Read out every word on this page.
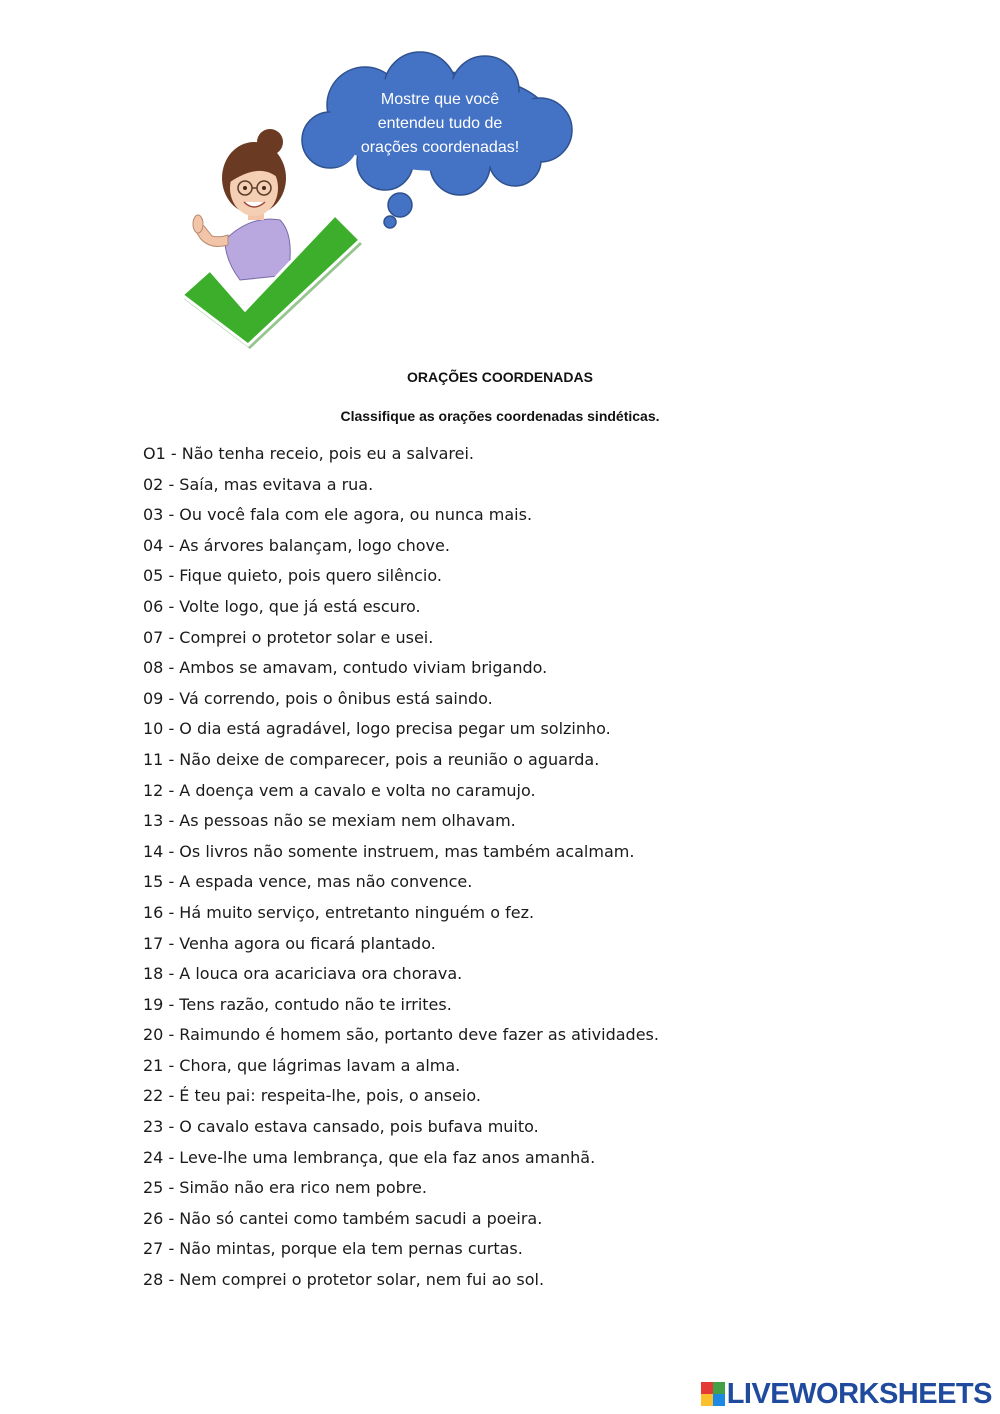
Mostre que você
entendeu tudo de
orações coordenadas!
ORAÇÕES COORDENADAS
Classifique as orações coordenadas sindéticas.
O1 - Não tenha receio, pois eu a salvarei.
02 - Saía, mas evitava a rua.
03 - Ou você fala com ele agora, ou nunca mais.
04 - As árvores balançam, logo chove.
05 - Fique quieto, pois quero silêncio.
06 - Volte logo, que já está escuro.
07 - Comprei o protetor solar e usei.
08 - Ambos se amavam, contudo viviam brigando.
09 - Vá correndo, pois o ônibus está saindo.
10 - O dia está agradável, logo precisa pegar um solzinho.
11 - Não deixe de comparecer, pois a reunião o aguarda.
12 - A doença vem a cavalo e volta no caramujo.
13 - As pessoas não se mexiam nem olhavam.
14 - Os livros não somente instruem, mas também acalmam.
15 - A espada vence, mas não convence.
16 - Há muito serviço, entretanto ninguém o fez.
17 - Venha agora ou ficará plantado.
18 - A louca ora acariciava ora chorava.
19 - Tens razão, contudo não te irrites.
20 - Raimundo é homem são, portanto deve fazer as atividades.
21 - Chora, que lágrimas lavam a alma.
22 - É teu pai: respeita-lhe, pois, o anseio.
23 - O cavalo estava cansado, pois bufava muito.
24 - Leve-lhe uma lembrança, que ela faz anos amanhã.
25 - Simão não era rico nem pobre.
26 - Não só cantei como também sacudi a poeira.
27 - Não mintas, porque ela tem pernas curtas.
28 - Nem comprei o protetor solar, nem fui ao sol.
LIVEWORKSHEETS
